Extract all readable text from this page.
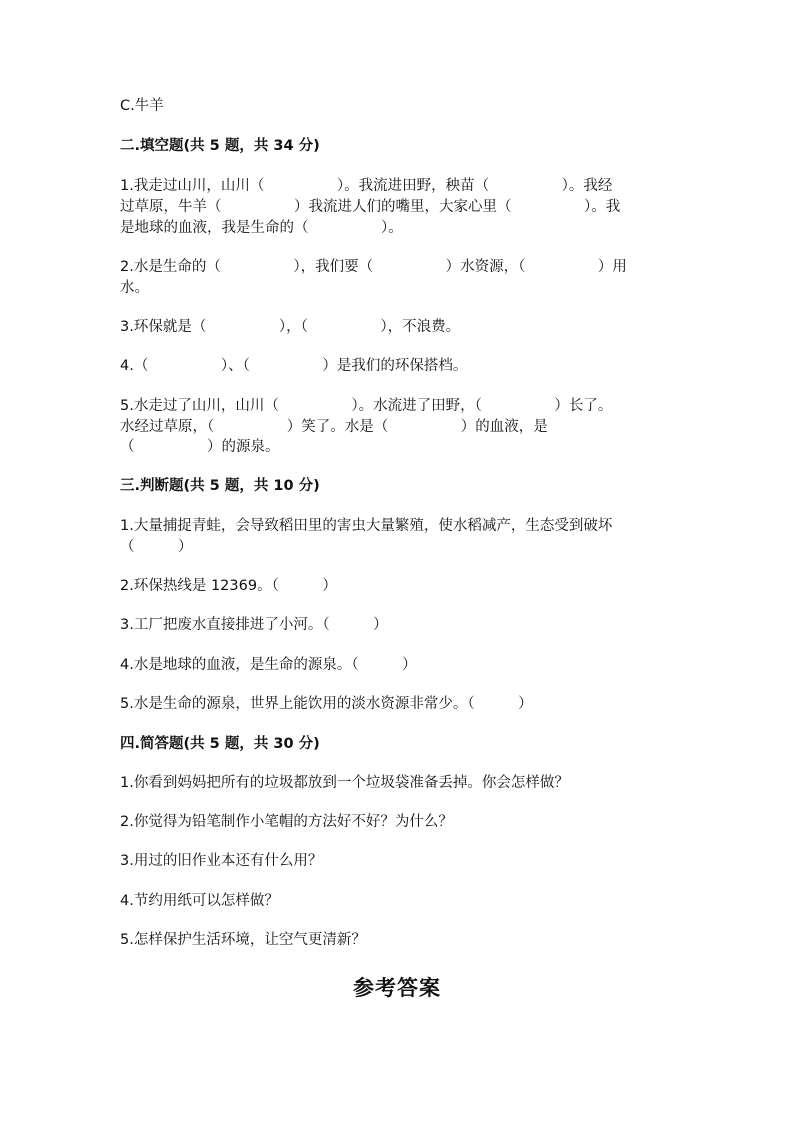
C.牛羊
二.填空题(共 5 题，共 34 分)
1.我走过山川，山川（　　　　　）。我流进田野，秧苗（　　　　　）。我经
过草原，牛羊（　　　　　）我流进人们的嘴里，大家心里（　　　　　）。我
是地球的血液，我是生命的（　　　　　）。
2.水是生命的（　　　　　），我们要（　　　　　）水资源，（　　　　　）用
水。
3.环保就是（　　　　　），（　　　　　），不浪费。
4.（　　　　　）、（　　　　　）是我们的环保搭档。
5.水走过了山川，山川（　　　　　）。水流进了田野，（　　　　　）长了。
水经过草原，（　　　　　）笑了。水是（　　　　　）的血液，是
（　　　　　）的源泉。
三.判断题(共 5 题，共 10 分)
1.大量捕捉青蛙，会导致稻田里的害虫大量繁殖，使水稻减产，生态受到破坏
（　　　）
2.环保热线是 12369。（　　　）
3.工厂把废水直接排进了小河。（　　　）
4.水是地球的血液，是生命的源泉。（　　　）
5.水是生命的源泉，世界上能饮用的淡水资源非常少。（　　　）
四.简答题(共 5 题，共 30 分)
1.你看到妈妈把所有的垃圾都放到一个垃圾袋准备丢掉。你会怎样做？
2.你觉得为铅笔制作小笔帽的方法好不好？为什么？
3.用过的旧作业本还有什么用？
4.节约用纸可以怎样做？
5.怎样保护生活环境，让空气更清新？
参考答案
